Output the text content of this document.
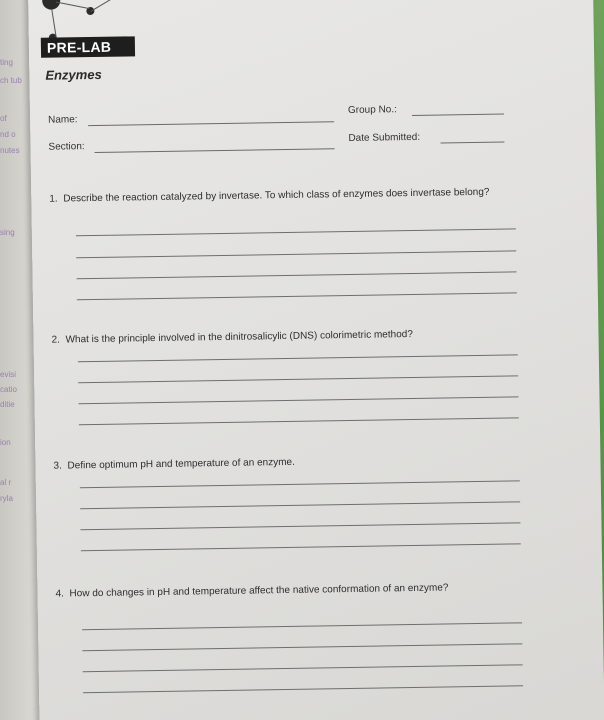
ting
ch tub
of
nd o
nutes
sing
evisi
catio
ditie
ion
al r
ryla
PRE-LAB
Enzymes
Name:
Group No.:
Section:
Date Submitted:
1. Describe the reaction catalyzed by invertase. To which class of enzymes does invertase belong?
2. What is the principle involved in the dinitrosalicylic (DNS) colorimetric method?
3. Define optimum pH and temperature of an enzyme.
4. How do changes in pH and temperature affect the native conformation of an enzyme?
